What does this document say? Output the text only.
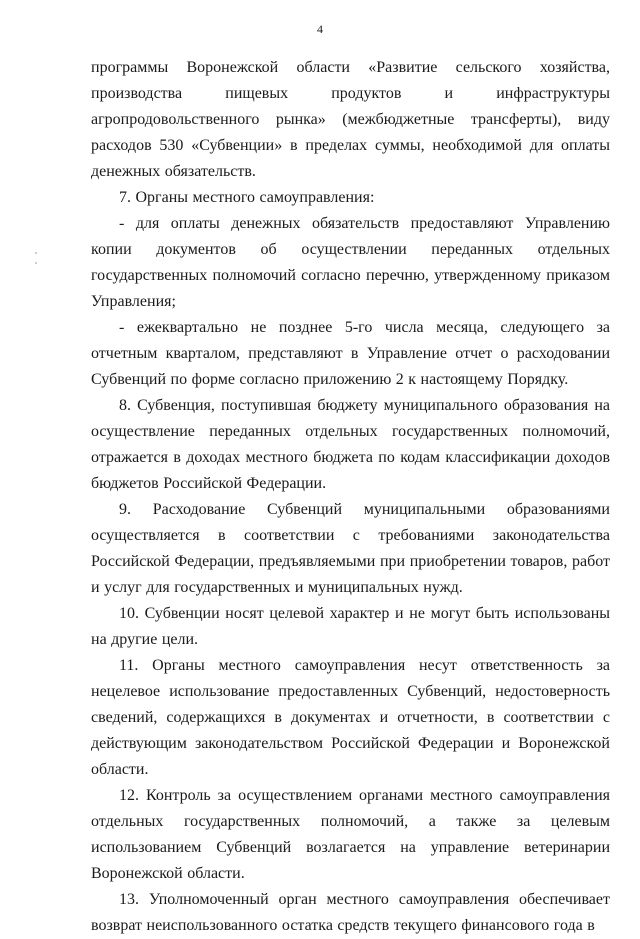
4

программы Воронежской области «Развитие сельского хозяйства, производства пищевых продуктов и инфраструктуры агропродовольственного рынка» (межбюджетные трансферты), виду расходов 530 «Субвенции» в пределах суммы, необходимой для оплаты денежных обязательств.

7. Органы местного самоуправления:

- для оплаты денежных обязательств предоставляют Управлению копии документов об осуществлении переданных отдельных государственных полномочий согласно перечню, утвержденному приказом Управления;

- ежеквартально не позднее 5-го числа месяца, следующего за отчетным кварталом, представляют в Управление отчет о расходовании Субвенций по форме согласно приложению 2 к настоящему Порядку.

8. Субвенция, поступившая бюджету муниципального образования на осуществление переданных отдельных государственных полномочий, отражается в доходах местного бюджета по кодам классификации доходов бюджетов Российской Федерации.

9. Расходование Субвенций муниципальными образованиями осуществляется в соответствии с требованиями законодательства Российской Федерации, предъявляемыми при приобретении товаров, работ и услуг для государственных и муниципальных нужд.

10. Субвенции носят целевой характер и не могут быть использованы на другие цели.

11. Органы местного самоуправления несут ответственность за нецелевое использование предоставленных Субвенций, недостоверность сведений, содержащихся в документах и отчетности, в соответствии с действующим законодательством Российской Федерации и Воронежской области.

12. Контроль за осуществлением органами местного самоуправления отдельных государственных полномочий, а также за целевым использованием Субвенций возлагается на управление ветеринарии Воронежской области.

13. Уполномоченный орган местного самоуправления обеспечивает возврат неиспользованного остатка средств текущего финансового года в
